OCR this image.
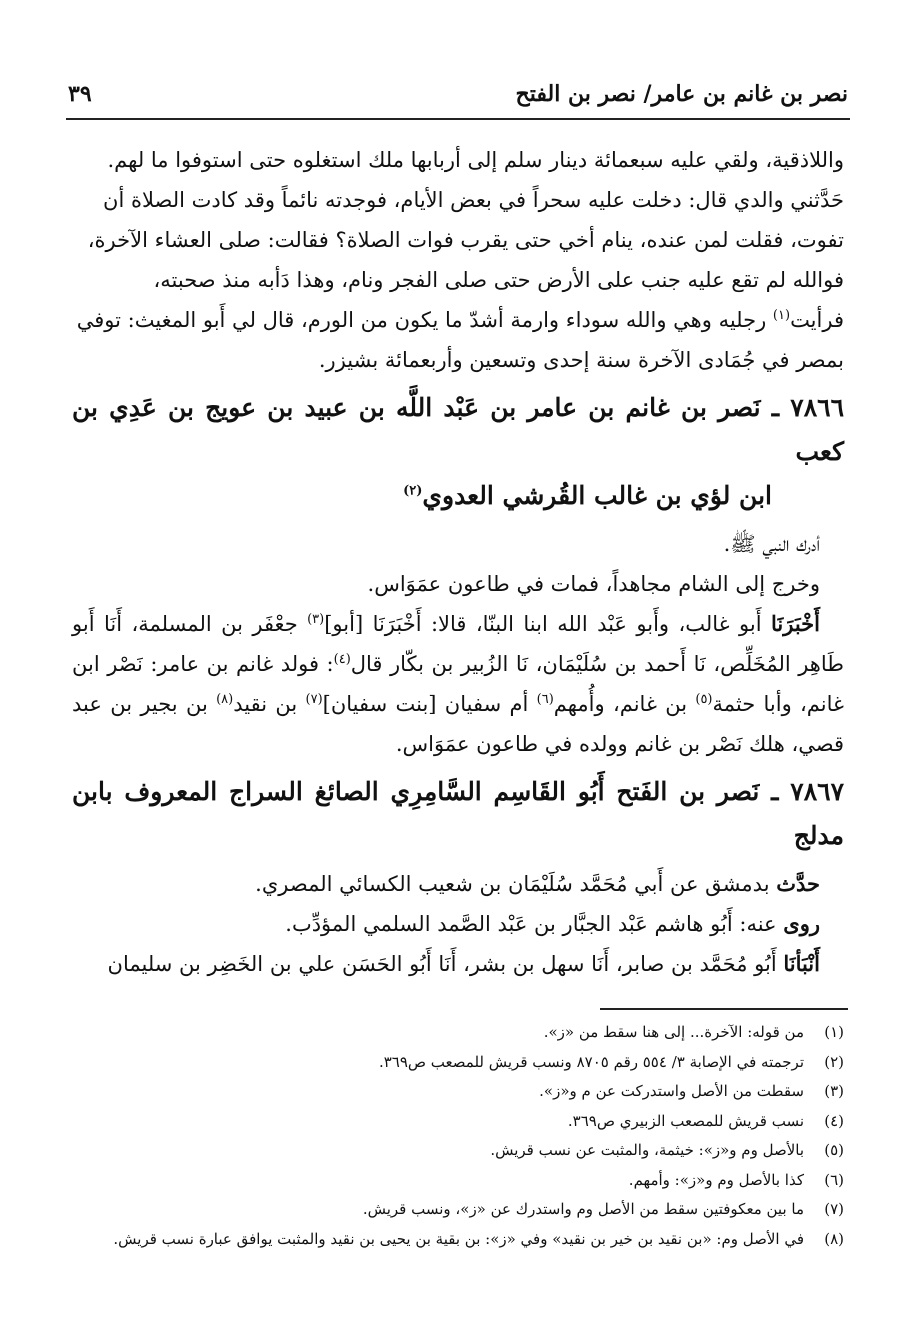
نصر بن غانم بن عامر/ نصر بن الفتح
٣٩

واللاذقية، ولقي عليه سبعمائة دينار سلم إلى أربابها ملك استغلوه حتى استوفوا ما لهم.

حَدَّثني والدي قال: دخلت عليه سحراً في بعض الأيام، فوجدته نائماً وقد كادت الصلاة أن

تفوت، فقلت لمن عنده، ينام أخي حتى يقرب فوات الصلاة؟ فقالت: صلى العشاء الآخرة،

فوالله لم تقع عليه جنب على الأرض حتى صلى الفجر ونام، وهذا دَأبه منذ صحبته،

فرأيت$^{(١)}$ رجليه وهي والله سوداء وارمة أشدّ ما يكون من الورم، قال لي أَبو المغيث: توفي

بمصر في جُمَادى الآخرة سنة إحدى وتسعين وأربعمائة بشيزر.

٧٨٦٦ ـ نَصر بن غانم بن عامر بن عَبْد اللَّه بن عبيد بن عويج بن عَدِي بن كعب
ابن لؤي بن غالب القُرشي العدوي$^{(٢)}$

أدرك النبي ﷺ.

وخرج إلى الشام مجاهداً، فمات في طاعون عمَوَاس.

أَخْبَرَنَا أَبو غالب، وأَبو عَبْد الله ابنا البنّا، قالا: أَخْبَرَنَا [أبو]$^{(٣)}$ جعْفَر بن المسلمة، أَنَا أَبو طَاهِر المُخَلِّص، نَا أَحمد بن سُلَيْمَان، نَا الزُبير بن بكّار قال$^{(٤)}$: فولد غانم بن عامر: نَصْر ابن غانم، وأبا حثمة$^{(٥)}$ بن غانم، وأُمهم$^{(٦)}$ أم سفيان [بنت سفيان]$^{(٧)}$ بن نقيد$^{(٨)}$ بن بجير بن عبد قصي، هلك نَصْر بن غانم وولده في طاعون عمَوَاس.

٧٨٦٧ ـ نَصر بن الفَتح أَبُو القَاسِم السَّامِرِي الصائغ السراج المعروف بابن مدلج

حدَّث بدمشق عن أَبي مُحَمَّد سُلَيْمَان بن شعيب الكسائي المصري.

روى عنه: أَبُو هاشم عَبْد الجبَّار بن عَبْد الصَّمد السلمي المؤدِّب.

أَنْبَأنَا أَبُو مُحَمَّد بن صابر، أَنَا سهل بن بشر، أَنَا أَبُو الحَسَن علي بن الخَضِر بن سليمان

(١)
من قوله: الآخرة... إلى هنا سقط من «ز».
(٢)
ترجمته في الإصابة ٣/ ٥٥٤ رقم ٨٧٠٥ ونسب قريش للمصعب ص٣٦٩.
(٣)
سقطت من الأصل واستدركت عن م و«ز».
(٤)
نسب قريش للمصعب الزبيري ص٣٦٩.
(٥)
بالأصل وم و«ز»: خيثمة، والمثبت عن نسب قريش.
(٦)
كذا بالأصل وم و«ز»: وأمهم.
(٧)
ما بين معكوفتين سقط من الأصل وم واستدرك عن «ز»، ونسب قريش.
(٨)
في الأصل وم: «بن نقيد بن خير بن نقيد» وفي «ز»: بن بقية بن يحيى بن نقيد والمثبت يوافق عبارة نسب قريش.
